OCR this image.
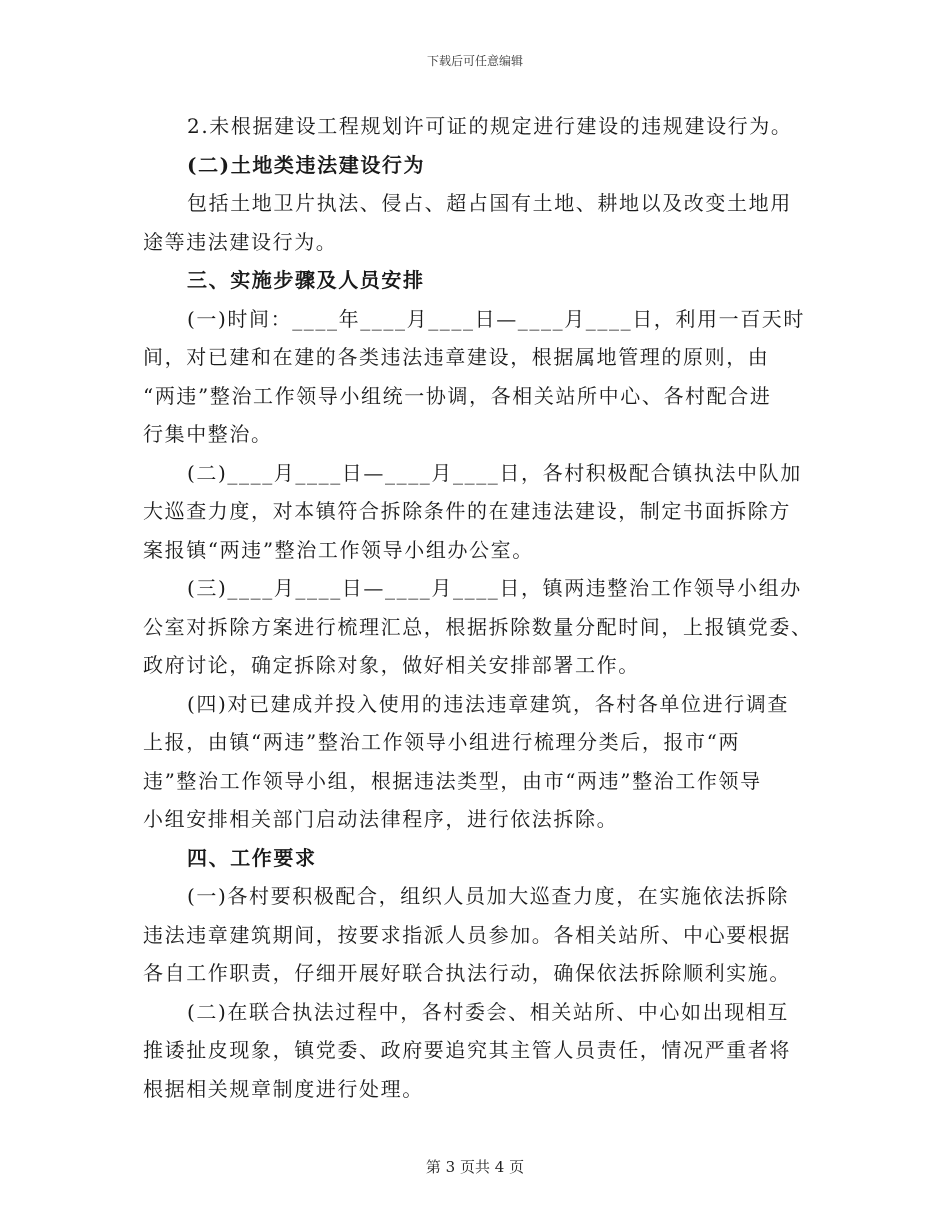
下载后可任意编辑

2.未根据建设工程规划许可证的规定进行建设的违规建设行为。

(二)土地类违法建设行为

包括土地卫片执法、侵占、超占国有土地、耕地以及改变土地用
途等违法建设行为。

三、实施步骤及人员安排

(一)时间：____年____月____日—____月____日，利用一百天时
间，对已建和在建的各类违法违章建设，根据属地管理的原则，由
“两违”整治工作领导小组统一协调，各相关站所中心、各村配合进
行集中整治。

(二)____月____日—____月____日，各村积极配合镇执法中队加
大巡查力度，对本镇符合拆除条件的在建违法建设，制定书面拆除方
案报镇“两违”整治工作领导小组办公室。

(三)____月____日—____月____日，镇两违整治工作领导小组办
公室对拆除方案进行梳理汇总，根据拆除数量分配时间，上报镇党委、
政府讨论，确定拆除对象，做好相关安排部署工作。

(四)对已建成并投入使用的违法违章建筑，各村各单位进行调查
上报，由镇“两违”整治工作领导小组进行梳理分类后，报市“两
违”整治工作领导小组，根据违法类型，由市“两违”整治工作领导
小组安排相关部门启动法律程序，进行依法拆除。

四、工作要求

(一)各村要积极配合，组织人员加大巡查力度，在实施依法拆除
违法违章建筑期间，按要求指派人员参加。各相关站所、中心要根据
各自工作职责，仔细开展好联合执法行动，确保依法拆除顺利实施。

(二)在联合执法过程中，各村委会、相关站所、中心如出现相互
推诿扯皮现象，镇党委、政府要追究其主管人员责任，情况严重者将
根据相关规章制度进行处理。

第 3 页共 4 页
